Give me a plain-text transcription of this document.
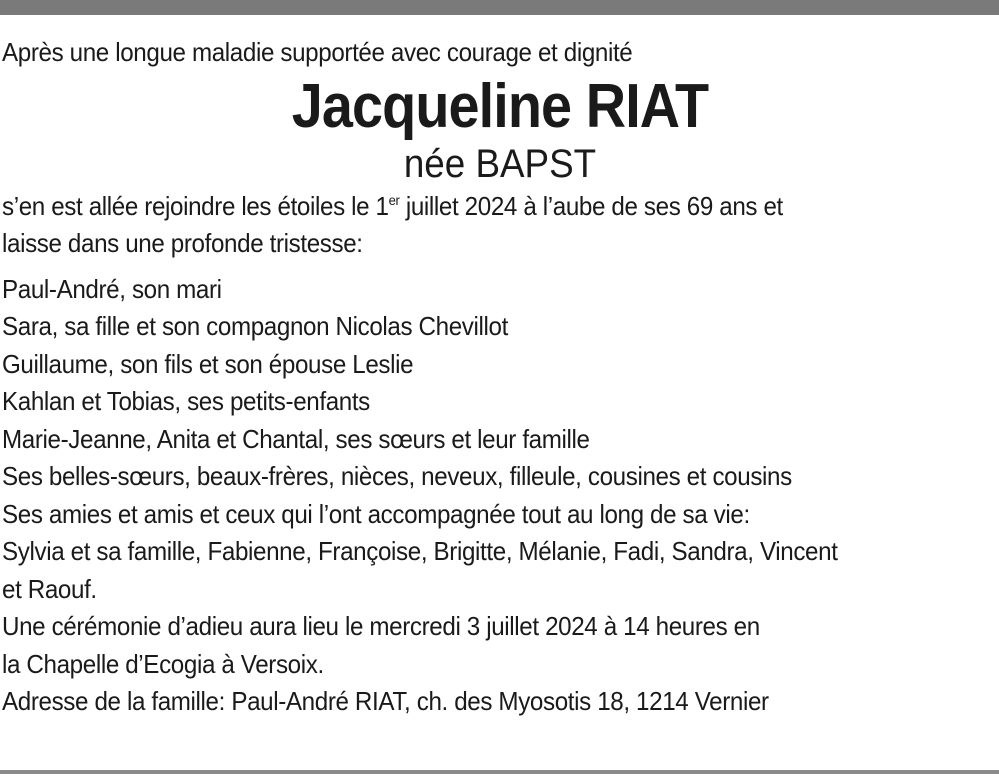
Après une longue maladie supportée avec courage et dignité
Jacqueline RIAT
née BAPST
s’en est allée rejoindre les étoiles le 1er juillet 2024 à l’aube de ses 69 ans et
laisse dans une profonde tristesse:
Paul-André, son mari
Sara, sa fille et son compagnon Nicolas Chevillot
Guillaume, son fils et son épouse Leslie
Kahlan et Tobias, ses petits-enfants
Marie-Jeanne, Anita et Chantal, ses sœurs et leur famille
Ses belles-sœurs, beaux-frères, nièces, neveux, filleule, cousines et cousins
Ses amies et amis et ceux qui l’ont accompagnée tout au long de sa vie:
Sylvia et sa famille, Fabienne, Françoise, Brigitte, Mélanie, Fadi, Sandra, Vincent
et Raouf.
Une cérémonie d’adieu aura lieu le mercredi 3 juillet 2024 à 14 heures en
la Chapelle d’Ecogia à Versoix.
Adresse de la famille: Paul-André RIAT, ch. des Myosotis 18, 1214 Vernier
